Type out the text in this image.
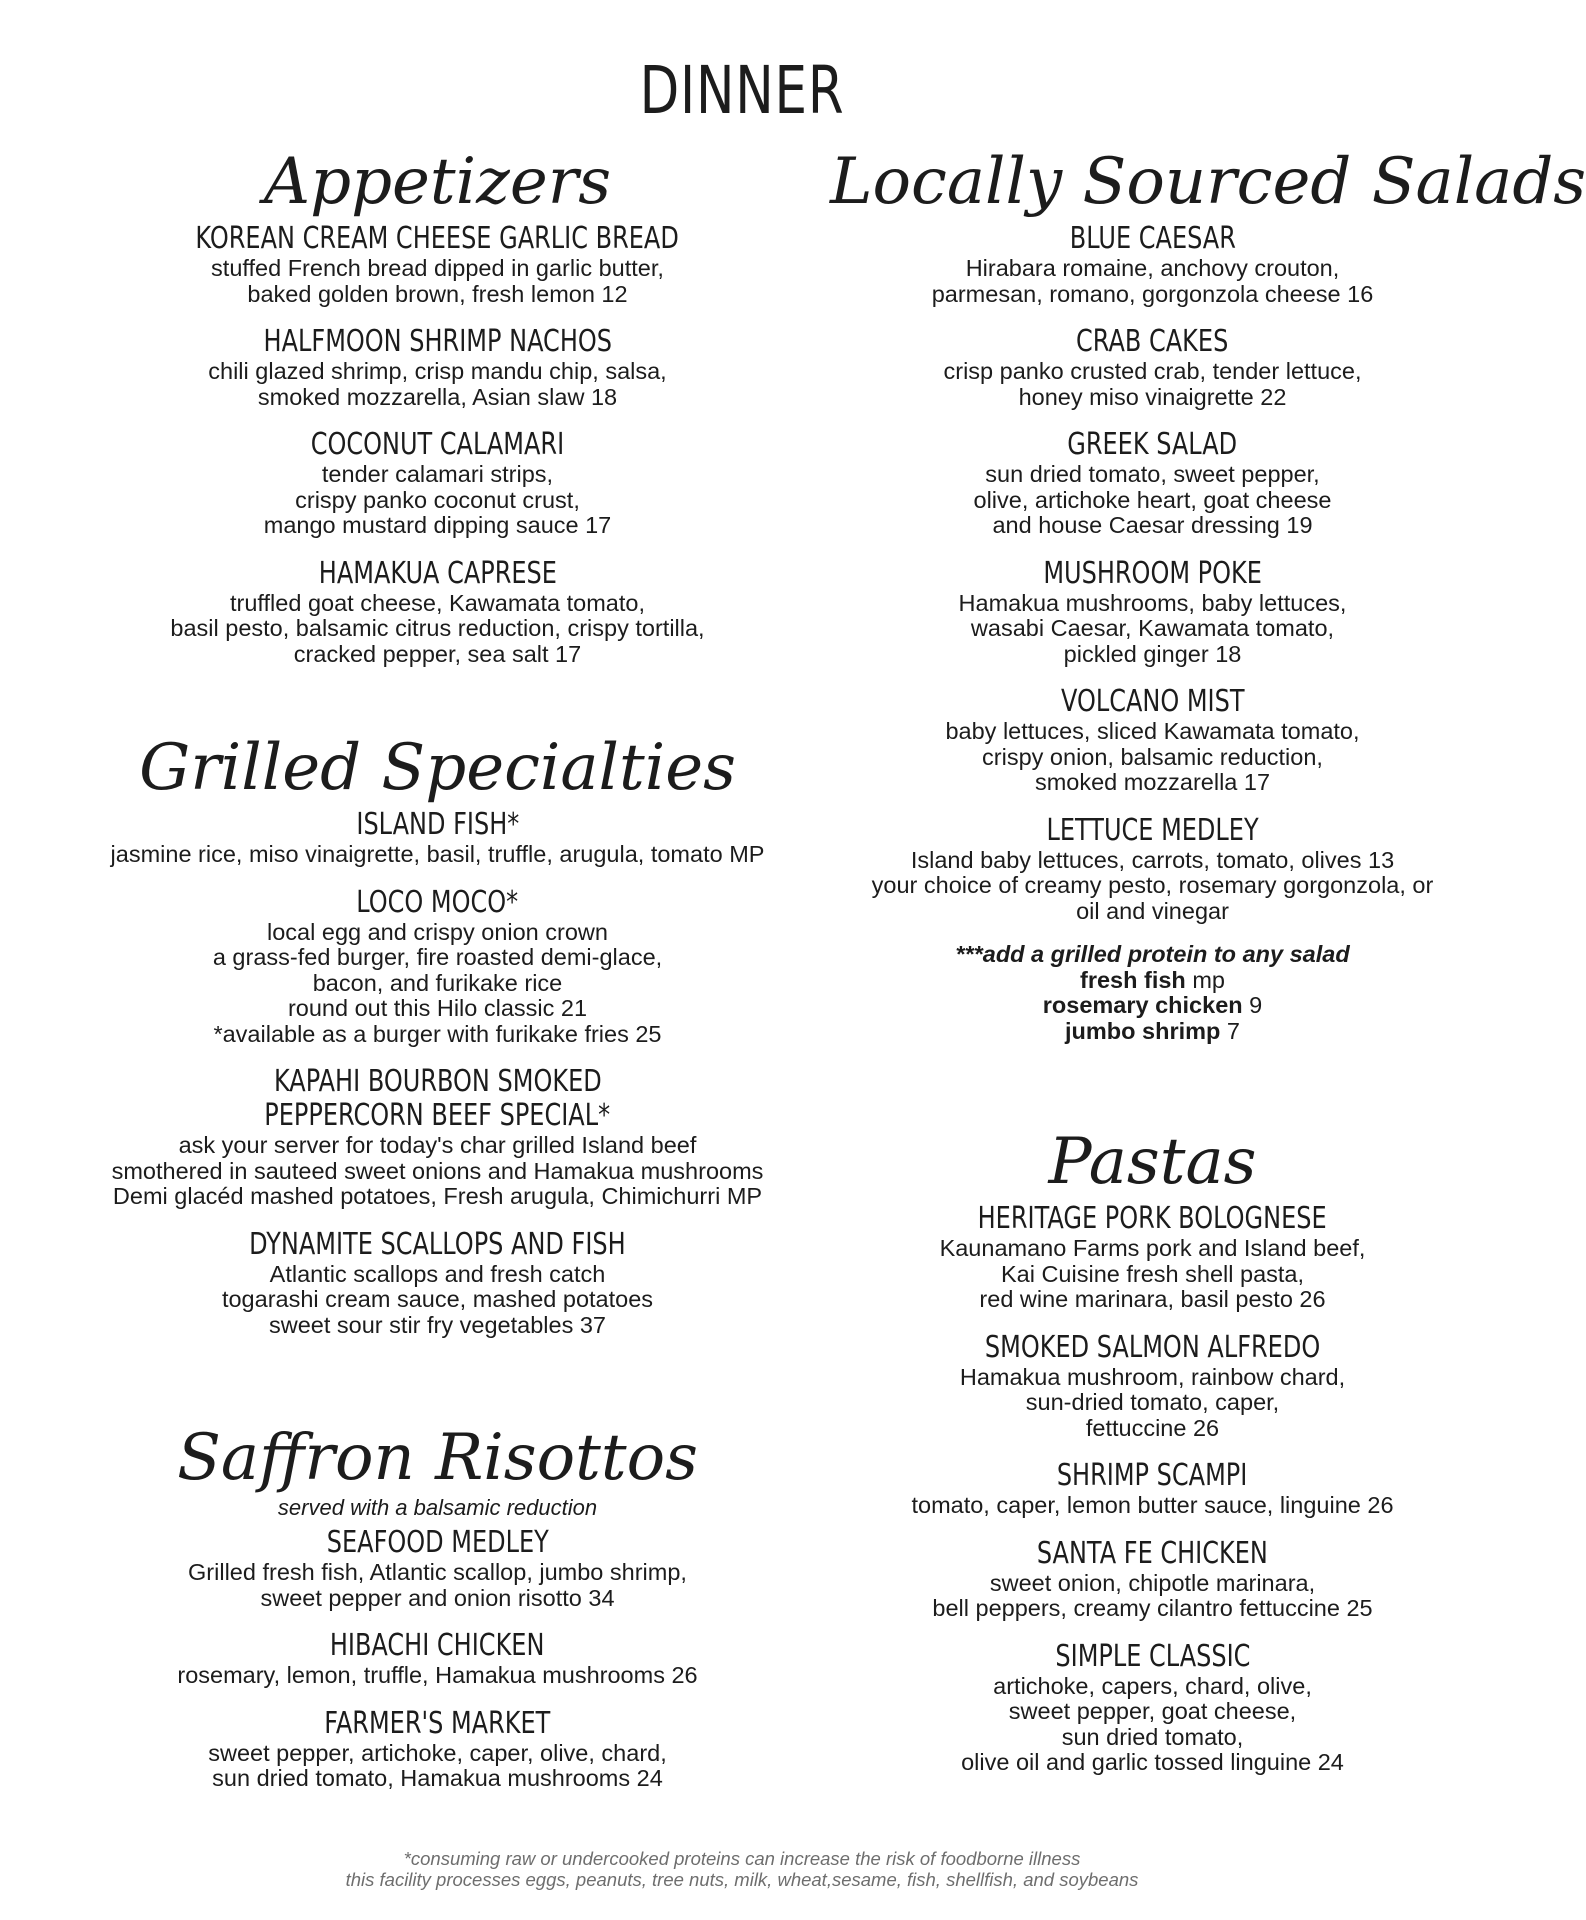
DINNER
Appetizers
KOREAN CREAM CHEESE GARLIC BREAD
stuffed French bread dipped in garlic butter,
baked golden brown, fresh lemon 12
HALFMOON SHRIMP NACHOS
chili glazed shrimp, crisp mandu chip, salsa,
smoked mozzarella, Asian slaw 18
COCONUT CALAMARI
tender calamari strips,
crispy panko coconut crust,
mango mustard dipping sauce 17
HAMAKUA CAPRESE
truffled goat cheese, Kawamata tomato,
basil pesto, balsamic citrus reduction, crispy tortilla,
cracked pepper, sea salt 17
Grilled Specialties
ISLAND FISH*
jasmine rice, miso vinaigrette, basil, truffle, arugula, tomato MP
LOCO MOCO*
local egg and crispy onion crown
a grass-fed burger, fire roasted demi-glace,
bacon, and furikake rice
round out this Hilo classic 21
*available as a burger with furikake fries 25
KAPAHI BOURBON SMOKED
PEPPERCORN BEEF SPECIAL*
ask your server for today's char grilled Island beef
smothered in sauteed sweet onions and Hamakua mushrooms
Demi glacéd mashed potatoes, Fresh arugula, Chimichurri MP
DYNAMITE SCALLOPS AND FISH
Atlantic scallops and fresh catch
togarashi cream sauce, mashed potatoes
sweet sour stir fry vegetables 37
Saffron Risottos
served with a balsamic reduction
SEAFOOD MEDLEY
Grilled fresh fish, Atlantic scallop, jumbo shrimp,
sweet pepper and onion risotto 34
HIBACHI CHICKEN
rosemary, lemon, truffle, Hamakua mushrooms 26
FARMER'S MARKET
sweet pepper, artichoke, caper, olive, chard,
sun dried tomato, Hamakua mushrooms 24
Locally Sourced Salads
BLUE CAESAR
Hirabara romaine, anchovy crouton,
parmesan, romano, gorgonzola cheese 16
CRAB CAKES
crisp panko crusted crab, tender lettuce,
honey miso vinaigrette 22
GREEK SALAD
sun dried tomato, sweet pepper,
olive, artichoke heart, goat cheese
and house Caesar dressing 19
MUSHROOM POKE
Hamakua mushrooms, baby lettuces,
wasabi Caesar, Kawamata tomato,
pickled ginger 18
VOLCANO MIST
baby lettuces, sliced Kawamata tomato,
crispy onion, balsamic reduction,
smoked mozzarella 17
LETTUCE MEDLEY
Island baby lettuces, carrots, tomato, olives 13
your choice of creamy pesto, rosemary gorgonzola, or
oil and vinegar
***add a grilled protein to any salad
fresh fish mp
rosemary chicken 9
jumbo shrimp 7
Pastas
HERITAGE PORK BOLOGNESE
Kaunamano Farms pork and Island beef,
Kai Cuisine fresh shell pasta,
red wine marinara, basil pesto 26
SMOKED SALMON ALFREDO
Hamakua mushroom, rainbow chard,
sun-dried tomato, caper,
fettuccine 26
SHRIMP SCAMPI
tomato, caper, lemon butter sauce, linguine 26
SANTA FE CHICKEN
sweet onion, chipotle marinara,
bell peppers, creamy cilantro fettuccine 25
SIMPLE CLASSIC
artichoke, capers, chard, olive,
sweet pepper, goat cheese,
sun dried tomato,
olive oil and garlic tossed linguine 24
*consuming raw or undercooked proteins can increase the risk of foodborne illness
this facility processes eggs, peanuts, tree nuts, milk, wheat,sesame, fish, shellfish, and soybeans
